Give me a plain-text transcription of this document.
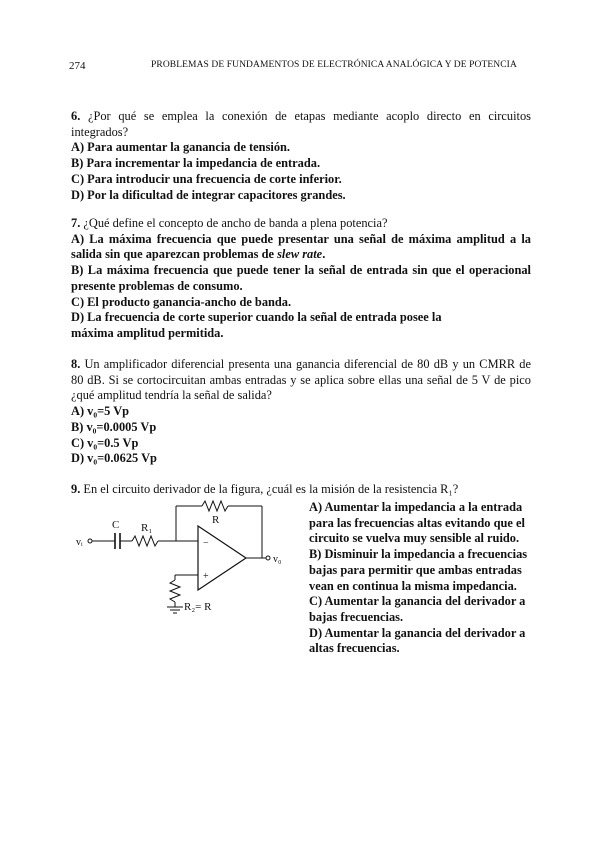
274	PROBLEMAS DE FUNDAMENTOS DE ELECTRÓNICA ANALÓGICA Y DE POTENCIA

6. ¿Por qué se emplea la conexión de etapas mediante acoplo directo en circuitos integrados?

A) Para aumentar la ganancia de tensión.

B) Para incrementar la impedancia de entrada.

C) Para introducir una frecuencia de corte inferior.

D) Por la dificultad de integrar capacitores grandes.

7. ¿Qué define el concepto de ancho de banda a plena potencia?

A) La máxima frecuencia que puede presentar una señal de máxima amplitud a la salida sin que aparezcan problemas de slew rate.

B) La máxima frecuencia que puede tener la señal de entrada sin que el operacional presente problemas de consumo.

C) El producto ganancia-ancho de banda.

D) La frecuencia de corte superior cuando la señal de entrada posee la máxima amplitud permitida.

8. Un amplificador diferencial presenta una ganancia diferencial de 80 dB y un CMRR de 80 dB. Si se cortocircuitan ambas entradas y se aplica sobre ellas una señal de 5 V de pico ¿qué amplitud tendría la señal de salida?

A) v₀=5 Vp

B) v₀=0.0005 Vp

C) v₀=0.5 Vp

D) v₀=0.0625 Vp

9. En el circuito derivador de la figura, ¿cuál es la misión de la resistencia R₁?

vᵢ
C R₁
R
−
+
v₀
R₂= R

A) Aumentar la impedancia a la entrada para las frecuencias altas evitando que el circuito se vuelva muy sensible al ruido.

B) Disminuir la impedancia a frecuencias bajas para permitir que ambas entradas vean en continua la misma impedancia.

C) Aumentar la ganancia del derivador a bajas frecuencias.

D) Aumentar la ganancia del derivador a altas frecuencias.
